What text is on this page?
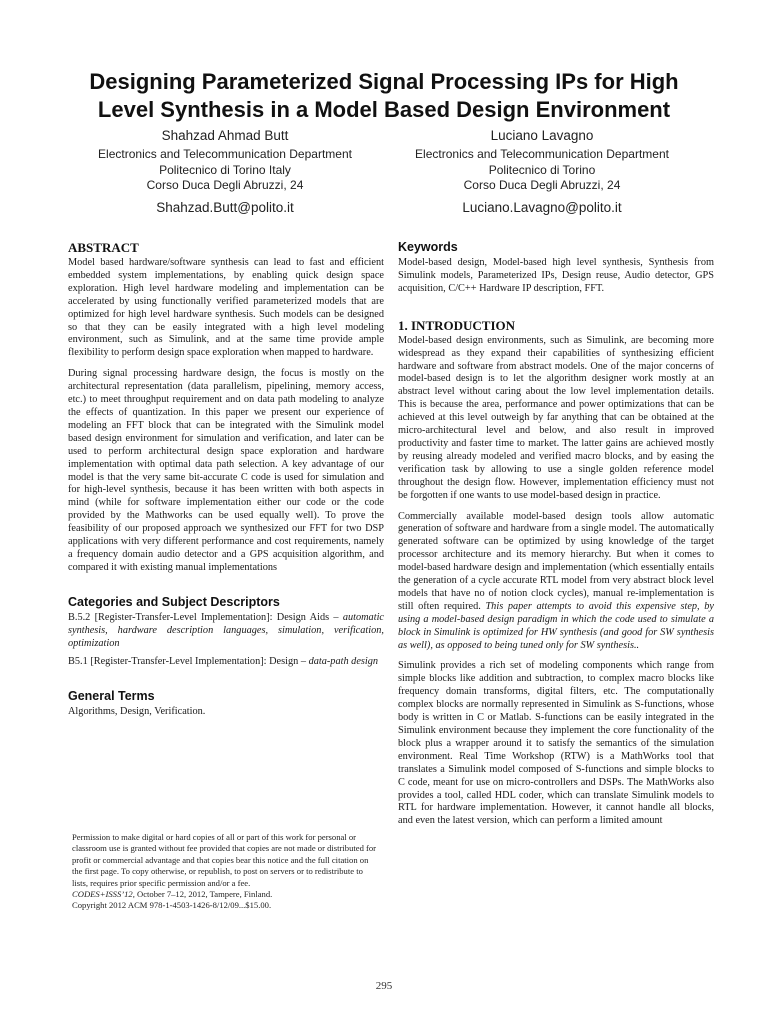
Designing Parameterized Signal Processing IPs for High
Level Synthesis in a Model Based Design Environment
Shahzad Ahmad Butt
Electronics and Telecommunication Department
Politecnico di Torino Italy
Corso Duca Degli Abruzzi, 24
Shahzad.Butt@polito.it
Luciano Lavagno
Electronics and Telecommunication Department
Politecnico di Torino
Corso Duca Degli Abruzzi, 24
Luciano.Lavagno@polito.it
ABSTRACT

Model based hardware/software synthesis can lead to fast and efficient embedded system implementations, by enabling quick design space exploration. High level hardware modeling and implementation can be accelerated by using functionally verified parameterized models that are optimized for high level hardware synthesis. Such models can be designed so that they can be easily integrated with a high level modeling environment, such as Simulink, and at the same time provide ample flexibility to perform design space exploration when mapped to hardware.

During signal processing hardware design, the focus is mostly on the architectural representation (data parallelism, pipelining, memory access, etc.) to meet throughput requirement and on data path modeling to analyze the effects of quantization. In this paper we present our experience of modeling an FFT block that can be integrated with the Simulink model based design environment for simulation and verification, and later can be used to perform architectural design space exploration and hardware implementation with optimal data path selection. A key advantage of our model is that the very same bit-accurate C code is used for simulation and for high-level synthesis, because it has been written with both aspects in mind (while for software implementation either our code or the code provided by the Mathworks can be used equally well). To prove the feasibility of our proposed approach we synthesized our FFT for two DSP applications with very different performance and cost requirements, namely a frequency domain audio detector and a GPS acquisition algorithm, and compared it with existing manual implementations

Categories and Subject Descriptors

B.5.2 [Register-Transfer-Level Implementation]: Design Aids – automatic synthesis, hardware description languages, simulation, verification, optimization

B5.1 [Register-Transfer-Level Implementation]: Design – data-path design

General Terms

Algorithms, Design, Verification.

Permission to make digital or hard copies of all or part of this work for personal or classroom use is granted without fee provided that copies are not made or distributed for profit or commercial advantage and that copies bear this notice and the full citation on the first page. To copy otherwise, or republish, to post on servers or to redistribute to lists, requires prior specific permission and/or a fee.

CODES+ISSS’12, October 7–12, 2012, Tampere, Finland.

Copyright 2012 ACM 978-1-4503-1426-8/12/09...$15.00.

Keywords

Model-based design, Model-based high level synthesis, Synthesis from Simulink models, Parameterized IPs, Design reuse, Audio detector, GPS acquisition, C/C++ Hardware IP description, FFT.

1. INTRODUCTION

Model-based design environments, such as Simulink, are becoming more widespread as they expand their capabilities of synthesizing efficient hardware and software from abstract models. One of the major concerns of model-based design is to let the algorithm designer work mostly at an abstract level without caring about the low level implementation details. This is because the area, performance and power optimizations that can be achieved at this level outweigh by far anything that can be obtained at the micro-architectural level and below, and also result in improved productivity and faster time to market. The latter gains are achieved mostly by reusing already modeled and verified macro blocks, and by easing the verification task by allowing to use a single golden reference model throughout the design flow. However, implementation efficiency must not be forgotten if one wants to use model-based design in practice.

Commercially available model-based design tools allow automatic generation of software and hardware from a single model. The automatically generated software can be optimized by using knowledge of the target processor architecture and its memory hierarchy. But when it comes to model-based hardware design and implementation (which essentially entails the generation of a cycle accurate RTL model from very abstract block level models that have no of notion clock cycles), manual re-implementation is still often required. This paper attempts to avoid this expensive step, by using a model-based design paradigm in which the code used to simulate a block in Simulink is optimized for HW synthesis (and good for SW synthesis as well), as opposed to being tuned only for SW synthesis..

Simulink provides a rich set of modeling components which range from simple blocks like addition and subtraction, to complex macro blocks like frequency domain transforms, digital filters, etc. The computationally complex blocks are normally represented in Simulink as S-functions, whose body is written in C or Matlab. S-functions can be easily integrated in the Simulink environment because they implement the core functionality of the block plus a wrapper around it to satisfy the semantics of the simulation environment. Real Time Workshop (RTW) is a MathWorks tool that translates a Simulink model composed of S-functions and simple blocks to C code, meant for use on micro-controllers and DSPs. The MathWorks also provides a tool, called HDL coder, which can translate Simulink models to RTL for hardware implementation. However, it cannot handle all blocks, and even the latest version, which can perform a limited amount

295
